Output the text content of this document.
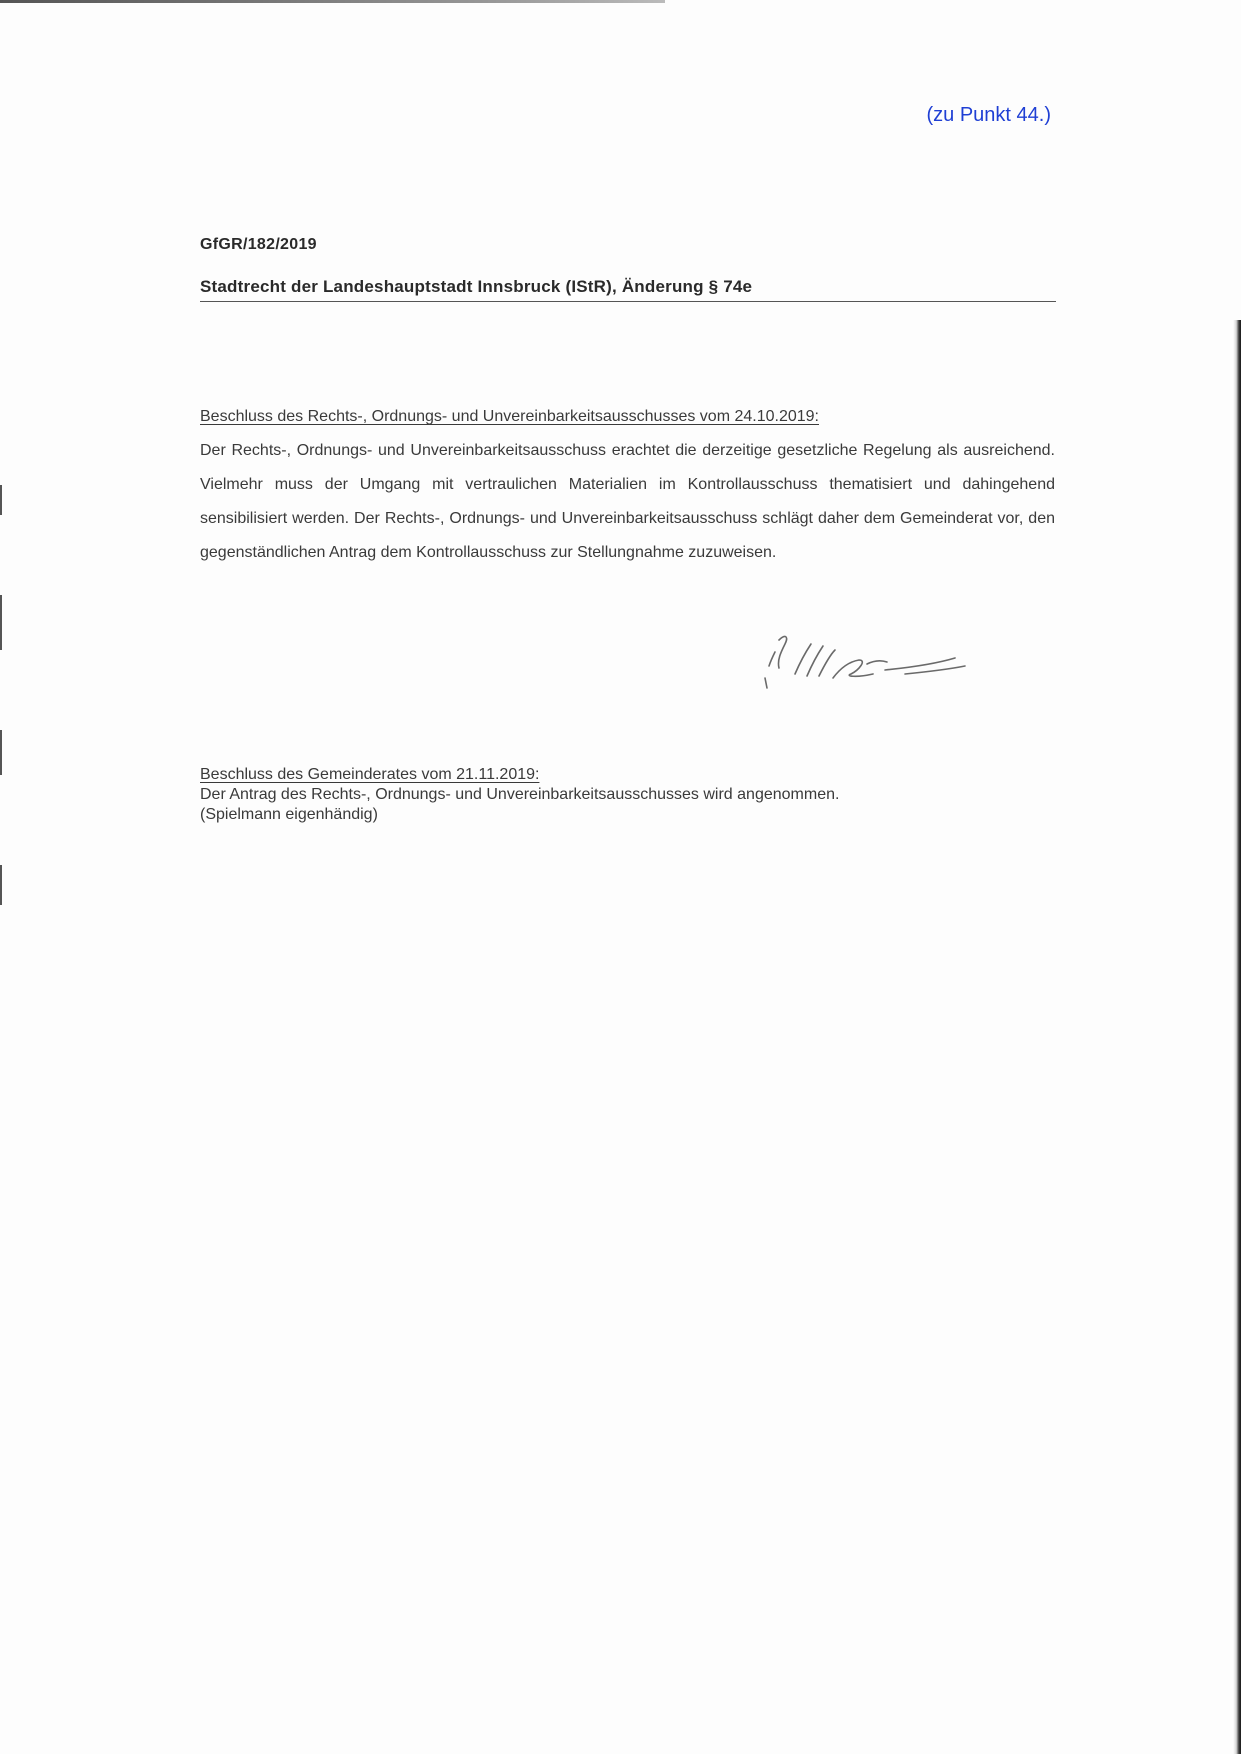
(zu Punkt 44.)
GfGR/182/2019
Stadtrecht der Landeshauptstadt Innsbruck (IStR), Änderung § 74e
Beschluss des Rechts-, Ordnungs- und Unvereinbarkeitsausschusses vom 24.10.2019:
Der Rechts-, Ordnungs- und Unvereinbarkeitsausschuss erachtet die derzeitige gesetzliche Regelung als ausreichend. Vielmehr muss der Umgang mit vertraulichen Materialien im Kontrollausschuss thematisiert und dahingehend sensibilisiert werden. Der Rechts-, Ordnungs- und Unvereinbarkeitsausschuss schlägt daher dem Gemeinderat vor, den gegenständlichen Antrag dem Kontrollausschuss zur Stellungnahme zuzuweisen.
Beschluss des Gemeinderates vom 21.11.2019:
Der Antrag des Rechts-, Ordnungs- und Unvereinbarkeitsausschusses wird angenommen.
(Spielmann eigenhändig)
